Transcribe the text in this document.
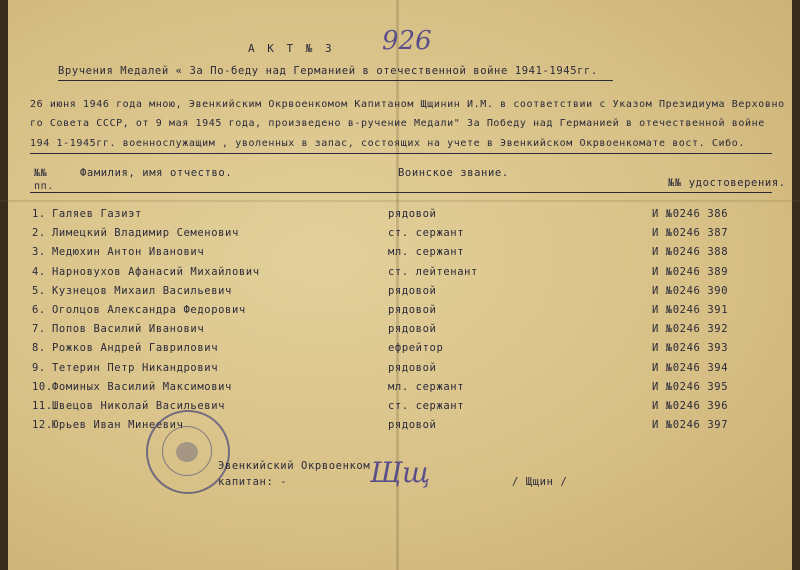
А К Т № 3 926
Вручения Медалей « За По-беду над Германией в отечественной войне 1941-1945гг.
26 июня 1946 года мною, Эвенкийским Окрвоенкомом Капитаном Щщинин И.М. в соответствии с Указом Президиума Верховно
го Совета СССР, от 9 мая 1945 года, произведено в-ручение Медали" За Победу над Германией в отечественной войне
194 1-1945гг. военнослужащим , уволенных в запас, состоящих на учете в Эвенкийском Окрвоенкомате вост. Сибо.
№№ пп.
Фамилия, имя отчество.	Воинское звание.
№№ удостоверения.
1. Галяев Газиэт	рядовой	И №0246 386
2. Лимецкий Владимир Семенович	ст. сержант	И №0246 387
3. Медюхин Антон Иванович	мл. сержант	И №0246 388
4. Нарновухов Афанасий Михайлович	ст. лейтенант	И №0246 389
5. Кузнецов Михаил Васильевич	рядовой	И №0246 390
6. Оголцов Александра Федорович	рядовой	И №0246 391
7. Попов Василий Иванович	рядовой	И №0246 392
8. Рожков Андрей Гаврилович	ефрейтор	И №0246 393
9. Тетерин Петр Никандрович	рядовой	И №0246 394
10. Фоминых Василий Максимович	мл. сержант	И №0246 395
11. Швецов Николай Васильевич	ст. сержант	И №0246 396
12. Юрьев Иван Минеевич	рядовой	И №0246 397
Эвенкийский Окрвоенком
капитан: -	Щщ	/ Щщин /
